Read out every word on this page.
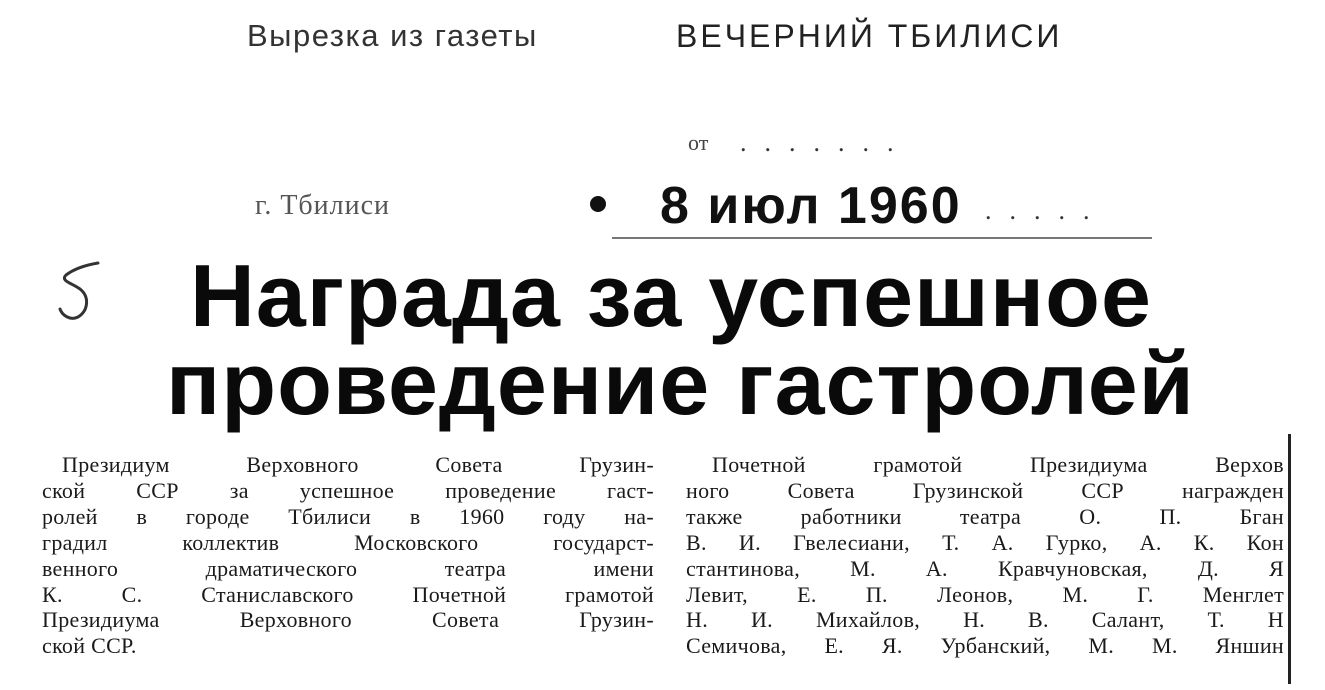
Вырезка из газеты	ВЕЧЕРНИЙ ТБИЛИСИ
от .......
г. Тбилиси	8 июл 1960 .....
Награда за успешное
проведение гастролей
Президиум Верховного Совета Грузин-
ской ССР за успешное проведение гаст-
ролей в городе Тбилиси в 1960 году на-
градил коллектив Московского государст-
венного драматического театра имени
К. С. Станиславского Почетной грамотой
Президиума Верховного Совета Грузин-
ской ССР.
Почетной грамотой Президиума Верхов
ного Совета Грузинской ССР награжден
также работники театра О. П. Бган
В. И. Гвелесиани, Т. А. Гурко, А. К. Кон
стантинова, М. А. Кравчуновская, Д. Я
Левит, Е. П. Леонов, М. Г. Менглет
Н. И. Михайлов, Н. В. Салант, Т. Н
Семичова, Е. Я. Урбанский, М. М. Яншин
